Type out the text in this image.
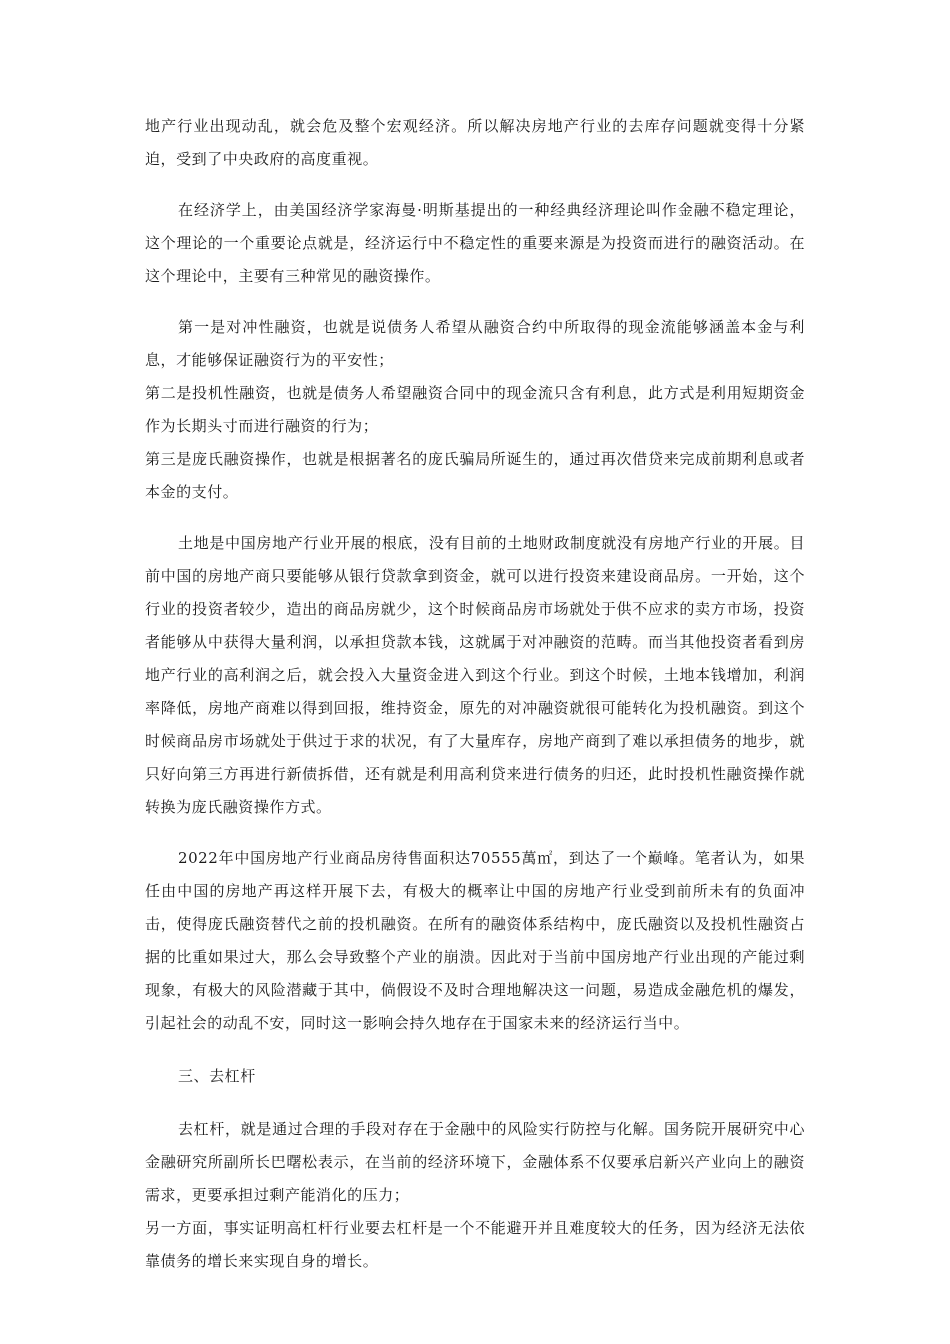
地产行业出现动乱，就会危及整个宏观经济。所以解决房地产行业的去库存问题就变得十分紧迫，受到了中央政府的高度重视。

在经济学上，由美国经济学家海曼·明斯基提出的一种经典经济理论叫作金融不稳定理论，这个理论的一个重要论点就是，经济运行中不稳定性的重要来源是为投资而进行的融资活动。在这个理论中，主要有三种常见的融资操作。

第一是对冲性融资，也就是说债务人希望从融资合约中所取得的现金流能够涵盖本金与利息，才能够保证融资行为的平安性；

第二是投机性融资，也就是债务人希望融资合同中的现金流只含有利息，此方式是利用短期资金作为长期头寸而进行融资的行为；

第三是庞氏融资操作，也就是根据著名的庞氏骗局所诞生的，通过再次借贷来完成前期利息或者本金的支付。

土地是中国房地产行业开展的根底，没有目前的土地财政制度就没有房地产行业的开展。目前中国的房地产商只要能够从银行贷款拿到资金，就可以进行投资来建设商品房。一开始，这个行业的投资者较少，造出的商品房就少，这个时候商品房市场就处于供不应求的卖方市场，投资者能够从中获得大量利润，以承担贷款本钱，这就属于对冲融资的范畴。而当其他投资者看到房地产行业的高利润之后，就会投入大量资金进入到这个行业。到这个时候，土地本钱增加，利润率降低，房地产商难以得到回报，维持资金，原先的对冲融资就很可能转化为投机融资。到这个时候商品房市场就处于供过于求的状况，有了大量库存，房地产商到了难以承担债务的地步，就只好向第三方再进行新债拆借，还有就是利用高利贷来进行债务的归还，此时投机性融资操作就转换为庞氏融资操作方式。

2022年中国房地产行业商品房待售面积达70555萬㎡，到达了一个巅峰。笔者认为，如果任由中国的房地产再这样开展下去，有极大的概率让中国的房地产行业受到前所未有的负面冲击，使得庞氏融资替代之前的投机融资。在所有的融资体系结构中，庞氏融资以及投机性融资占据的比重如果过大，那么会导致整个产业的崩溃。因此对于当前中国房地产行业出现的产能过剩现象，有极大的风险潜藏于其中，倘假设不及时合理地解决这一问题，易造成金融危机的爆发，引起社会的动乱不安，同时这一影响会持久地存在于国家未来的经济运行当中。

三、去杠杆

去杠杆，就是通过合理的手段对存在于金融中的风险实行防控与化解。国务院开展研究中心金融研究所副所长巴曙松表示，在当前的经济环境下，金融体系不仅要承启新兴产业向上的融资需求，更要承担过剩产能消化的压力；

另一方面，事实证明高杠杆行业要去杠杆是一个不能避开并且难度较大的任务，因为经济无法依靠债务的增长来实现自身的增长。
